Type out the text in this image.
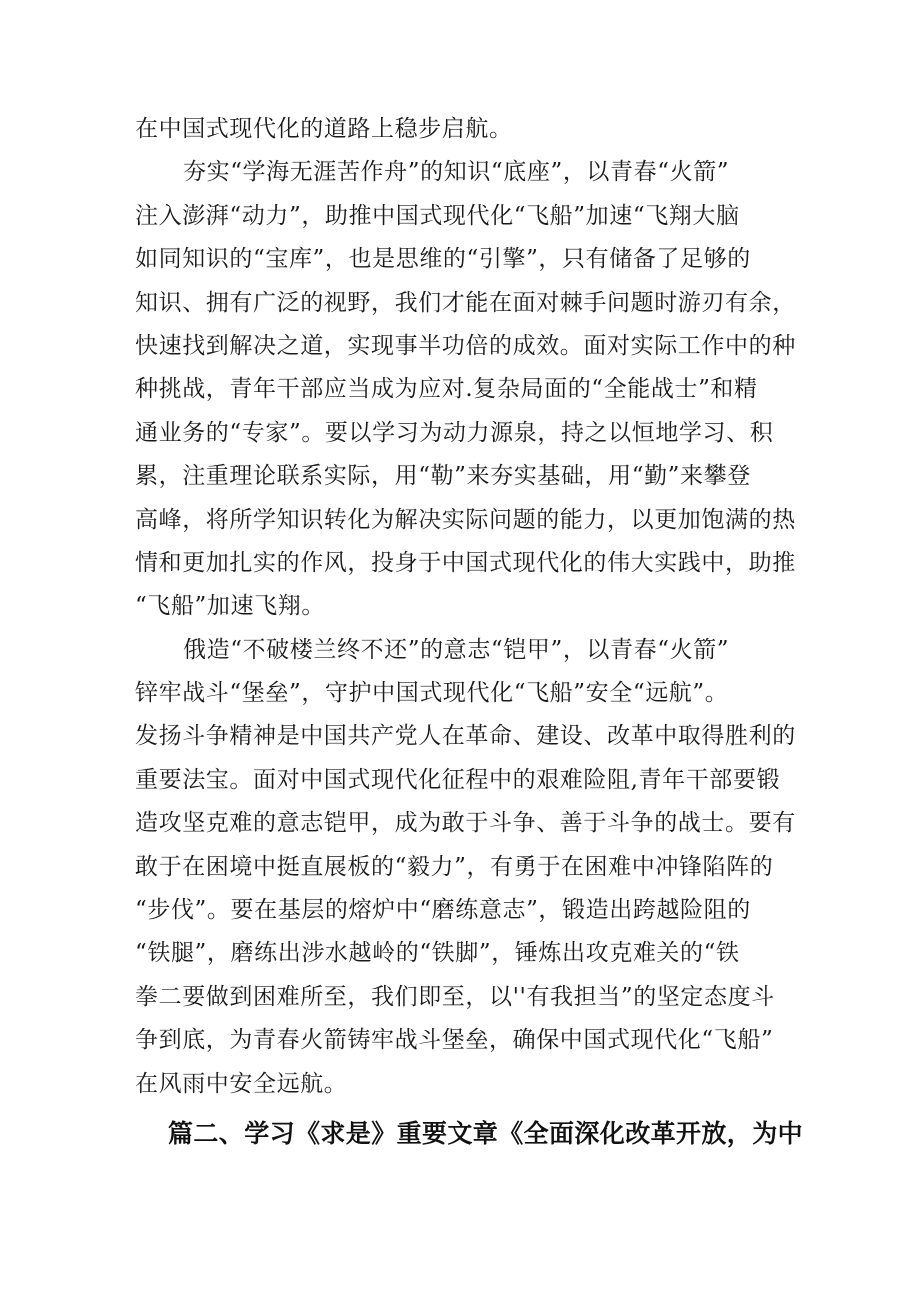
在中国式现代化的道路上稳步启航。
夯实“学海无涯苦作舟”的知识“底座”，以青春“火箭”
注入澎湃“动力”，助推中国式现代化“飞船”加速“飞翔大脑
如同知识的“宝库”，也是思维的“引擎”，只有储备了足够的
知识、拥有广泛的视野，我们才能在面对棘手问题时游刃有余，
快速找到解决之道，实现事半功倍的成效。面对实际工作中的种
种挑战，青年干部应当成为应对.复杂局面的“全能战士”和精
通业务的“专家”。要以学习为动力源泉，持之以恒地学习、积
累，注重理论联系实际，用“勒”来夯实基础，用“勤”来攀登
高峰，将所学知识转化为解决实际问题的能力，以更加饱满的热
情和更加扎实的作风，投身于中国式现代化的伟大实践中，助推
“飞船”加速飞翔。
俄造“不破楼兰终不还”的意志“铠甲”，以青春“火箭”
锌牢战斗“堡垒”，守护中国式现代化“飞船”安全“远航”。
发扬斗争精神是中国共产党人在革命、建设、改革中取得胜利的
重要法宝。面对中国式现代化征程中的艰难险阻,青年干部要锻
造攻坚克难的意志铠甲，成为敢于斗争、善于斗争的战士。要有
敢于在困境中挺直展板的“毅力”，有勇于在困难中冲锋陷阵的
“步伐”。要在基层的熔炉中“磨练意志”，锻造出跨越险阻的
“铁腿”，磨练出涉水越岭的“铁脚”，锤炼出攻克难关的“铁
拳二要做到困难所至，我们即至，以''有我担当”的坚定态度斗
争到底，为青春火箭铸牢战斗堡垒，确保中国式现代化“飞船”
在风雨中安全远航。
篇二、学习《求是》重要文章《全面深化改革开放，为中
